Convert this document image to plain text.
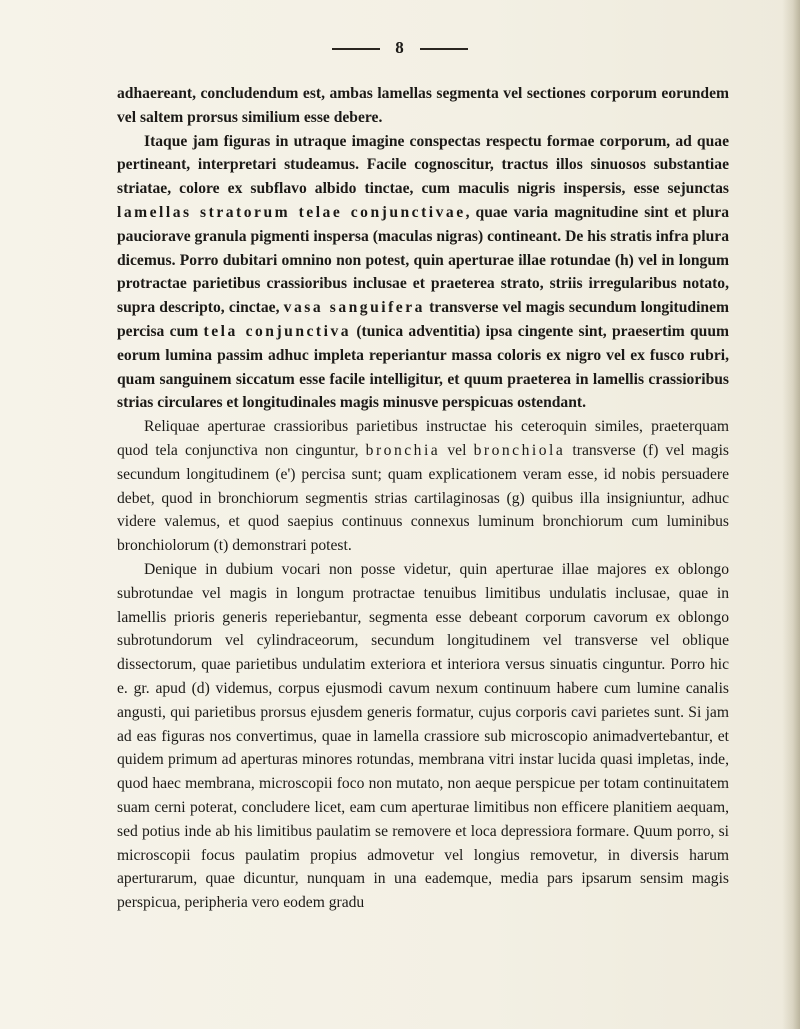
8

adhaereant, concludendum est, ambas lamellas segmenta vel sectiones corporum eorundem vel saltem prorsus similium esse debere.

Itaque jam figuras in utraque imagine conspectas respectu formae corporum, ad quae pertineant, interpretari studeamus. Facile cognoscitur, tractus illos sinuosos substantiae striatae, colore ex subflavo albido tinctae, cum maculis nigris inspersis, esse sejunctas lamellas stratorum telae conjunctivae, quae varia magnitudine sint et plura pauciorave granula pigmenti inspersa (maculas nigras) contineant. De his stratis infra plura dicemus. Porro dubitari omnino non potest, quin aperturae illae rotundae (h) vel in longum protractae parietibus crassioribus inclusae et praeterea strato, striis irregularibus notato, supra descripto, cinctae, vasa sanguifera transverse vel magis secundum longitudinem percisa cum tela conjunctiva (tunica adventitia) ipsa cingente sint, praesertim quum eorum lumina passim adhuc impleta reperiantur massa coloris ex nigro vel ex fusco rubri, quam sanguinem siccatum esse facile intelligitur, et quum praeterea in lamellis crassioribus strias circulares et longitudinales magis minusve perspicuas ostendant.

Reliquae aperturae crassioribus parietibus instructae his ceteroquin similes, praeterquam quod tela conjunctiva non cinguntur, bronchia vel bronchiola transverse (f) vel magis secundum longitudinem (e') percisa sunt; quam explicationem veram esse, id nobis persuadere debet, quod in bronchiorum segmentis strias cartilaginosas (g) quibus illa insigniuntur, adhuc videre valemus, et quod saepius continuus connexus luminum bronchiorum cum luminibus bronchiolorum (t) demonstrari potest.

Denique in dubium vocari non posse videtur, quin aperturae illae majores ex oblongo subrotundae vel magis in longum protractae tenuibus limitibus undulatis inclusae, quae in lamellis prioris generis reperiebantur, segmenta esse debeant corporum cavorum ex oblongo subrotundorum vel cylindraceorum, secundum longitudinem vel transverse vel oblique dissectorum, quae parietibus undulatim exteriora et interiora versus sinuatis cinguntur. Porro hic e. gr. apud (d) videmus, corpus ejusmodi cavum nexum continuum habere cum lumine canalis angusti, qui parietibus prorsus ejusdem generis formatur, cujus corporis cavi parietes sunt. Si jam ad eas figuras nos convertimus, quae in lamella crassiore sub microscopio animadvertebantur, et quidem primum ad aperturas minores rotundas, membrana vitri instar lucida quasi impletas, inde, quod haec membrana, microscopii foco non mutato, non aeque perspicue per totam continuitatem suam cerni poterat, concludere licet, eam cum aperturae limitibus non efficere planitiem aequam, sed potius inde ab his limitibus paulatim se removere et loca depressiora formare. Quum porro, si microscopii focus paulatim propius admovetur vel longius removetur, in diversis harum aperturarum, quae dicuntur, nunquam in una eademque, media pars ipsarum sensim magis perspicua, peripheria vero eodem gradu
